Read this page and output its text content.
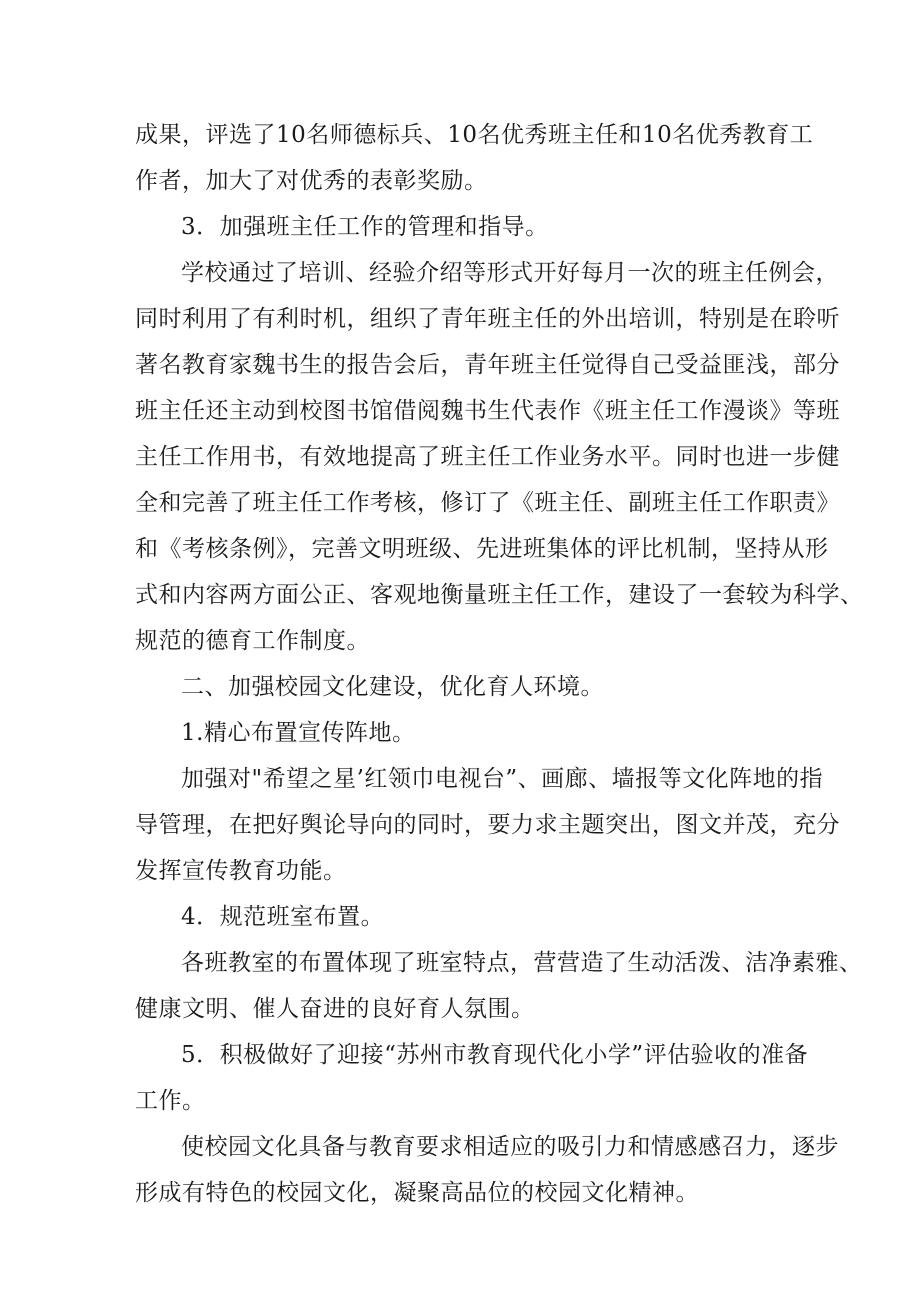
成果，评选了10名师德标兵、10名优秀班主任和10名优秀教育工
作者，加大了对优秀的表彰奖励。
3．加强班主任工作的管理和指导。
学校通过了培训、经验介绍等形式开好每月一次的班主任例会，
同时利用了有利时机，组织了青年班主任的外出培训，特别是在聆听
著名教育家魏书生的报告会后，青年班主任觉得自己受益匪浅，部分
班主任还主动到校图书馆借阅魏书生代表作《班主任工作漫谈》等班
主任工作用书，有效地提高了班主任工作业务水平。同时也进一步健
全和完善了班主任工作考核，修订了《班主任、副班主任工作职责》
和《考核条例》，完善文明班级、先进班集体的评比机制，坚持从形
式和内容两方面公正、客观地衡量班主任工作，建设了一套较为科学、
规范的德育工作制度。
二、加强校园文化建设，优化育人环境。
1.精心布置宣传阵地。
加强对"希望之星’红领巾电视台”、画廊、墙报等文化阵地的指
导管理，在把好舆论导向的同时，要力求主题突出，图文并茂，充分
发挥宣传教育功能。
4．规范班室布置。
各班教室的布置体现了班室特点，营营造了生动活泼、洁净素雅、
健康文明、催人奋进的良好育人氛围。
5．积极做好了迎接“苏州市教育现代化小学”评估验收的准备
工作。
使校园文化具备与教育要求相适应的吸引力和情感感召力，逐步
形成有特色的校园文化，凝聚高品位的校园文化精神。
